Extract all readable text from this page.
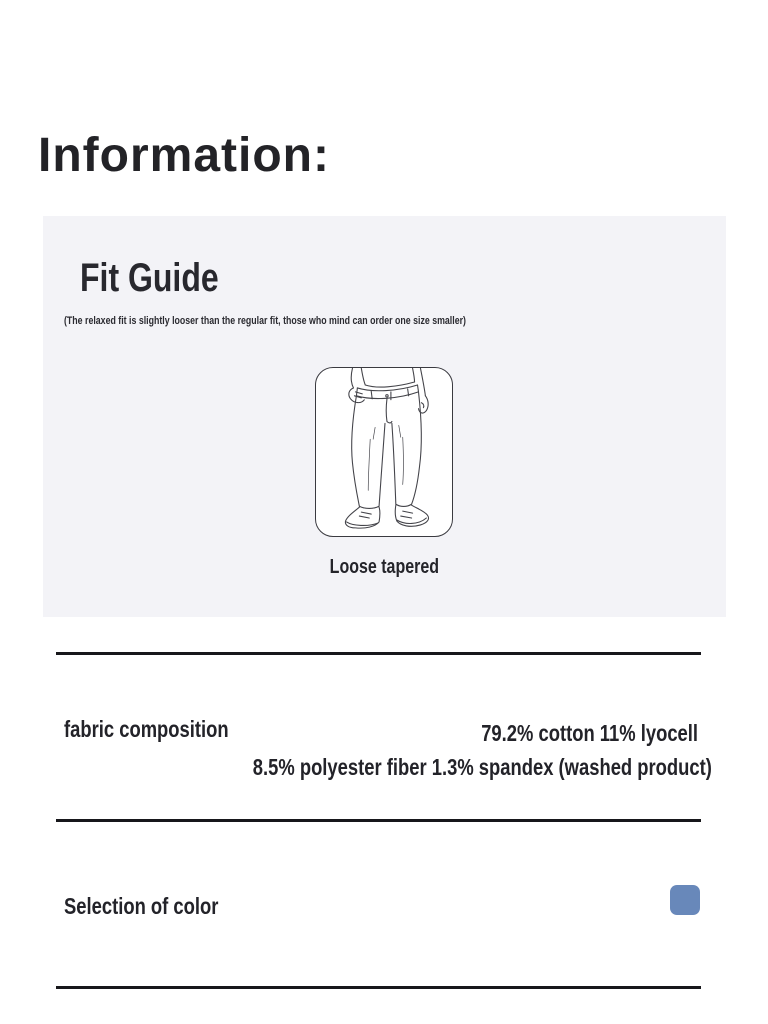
Information:
Fit Guide
(The relaxed fit is slightly looser than the regular fit, those who mind can order one size smaller)
Loose tapered
fabric composition	79.2% cotton 11% lyocell
8.5% polyester fiber 1.3% spandex (washed product)
Selection of color
